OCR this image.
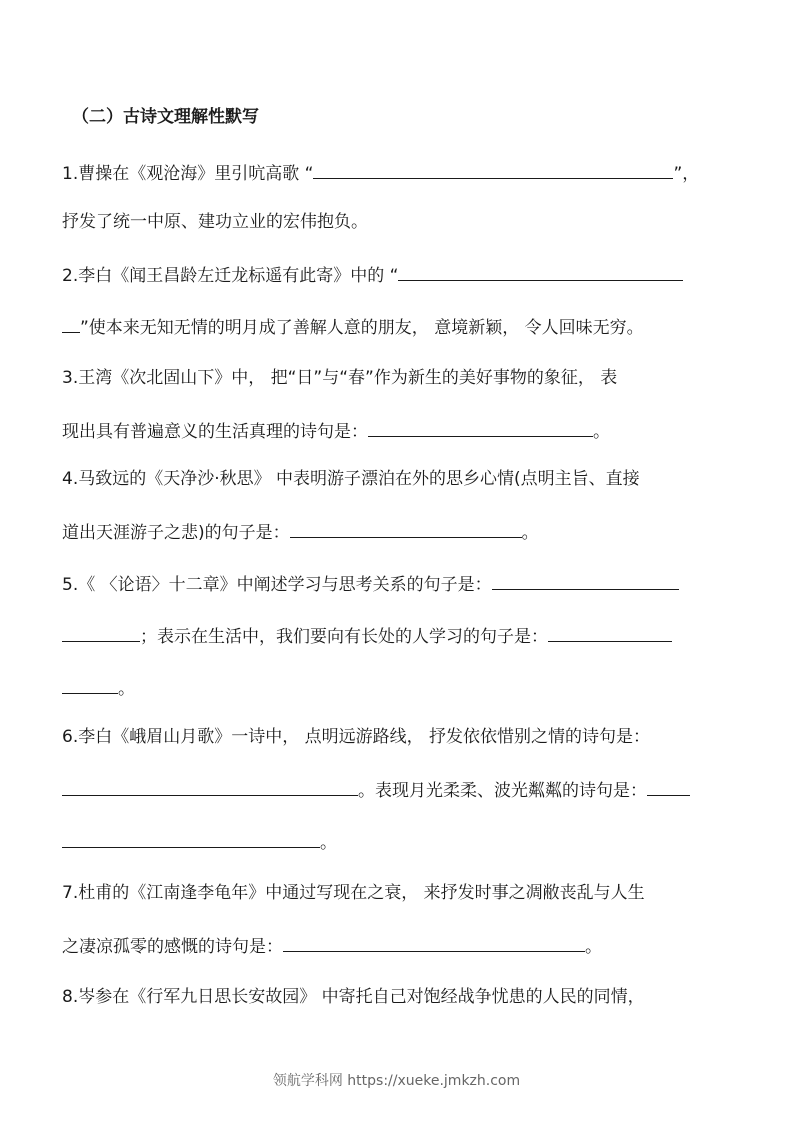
（二）古诗文理解性默写
1.曹操在《观沧海》里引吭高歌 “	”，
抒发了统一中原、建功立业的宏伟抱负。
2.李白《闻王昌龄左迁龙标遥有此寄》中的 “
”使本来无知无情的明月成了善解人意的朋友， 意境新颖， 令人回味无穷。
3.王湾《次北固山下》中， 把“日”与“春”作为新生的美好事物的象征， 表
现出具有普遍意义的生活真理的诗句是：	。
4.马致远的《天净沙·秋思》 中表明游子漂泊在外的思乡心情(点明主旨、直接
道出天涯游子之悲)的句子是：	。
5.《 〈论语〉十二章》中阐述学习与思考关系的句子是：
；表示在生活中，我们要向有长处的人学习的句子是：
。
6.李白《峨眉山月歌》一诗中， 点明远游路线， 抒发依依惜别之情的诗句是：
。表现月光柔柔、波光粼粼的诗句是：
。
7.杜甫的《江南逢李龟年》中通过写现在之衰， 来抒发时事之凋敝丧乱与人生
之凄凉孤零的感慨的诗句是：	。
8.岑参在《行军九日思长安故园》 中寄托自己对饱经战争忧患的人民的同情，
领航学科网 https://xueke.jmkzh.com
